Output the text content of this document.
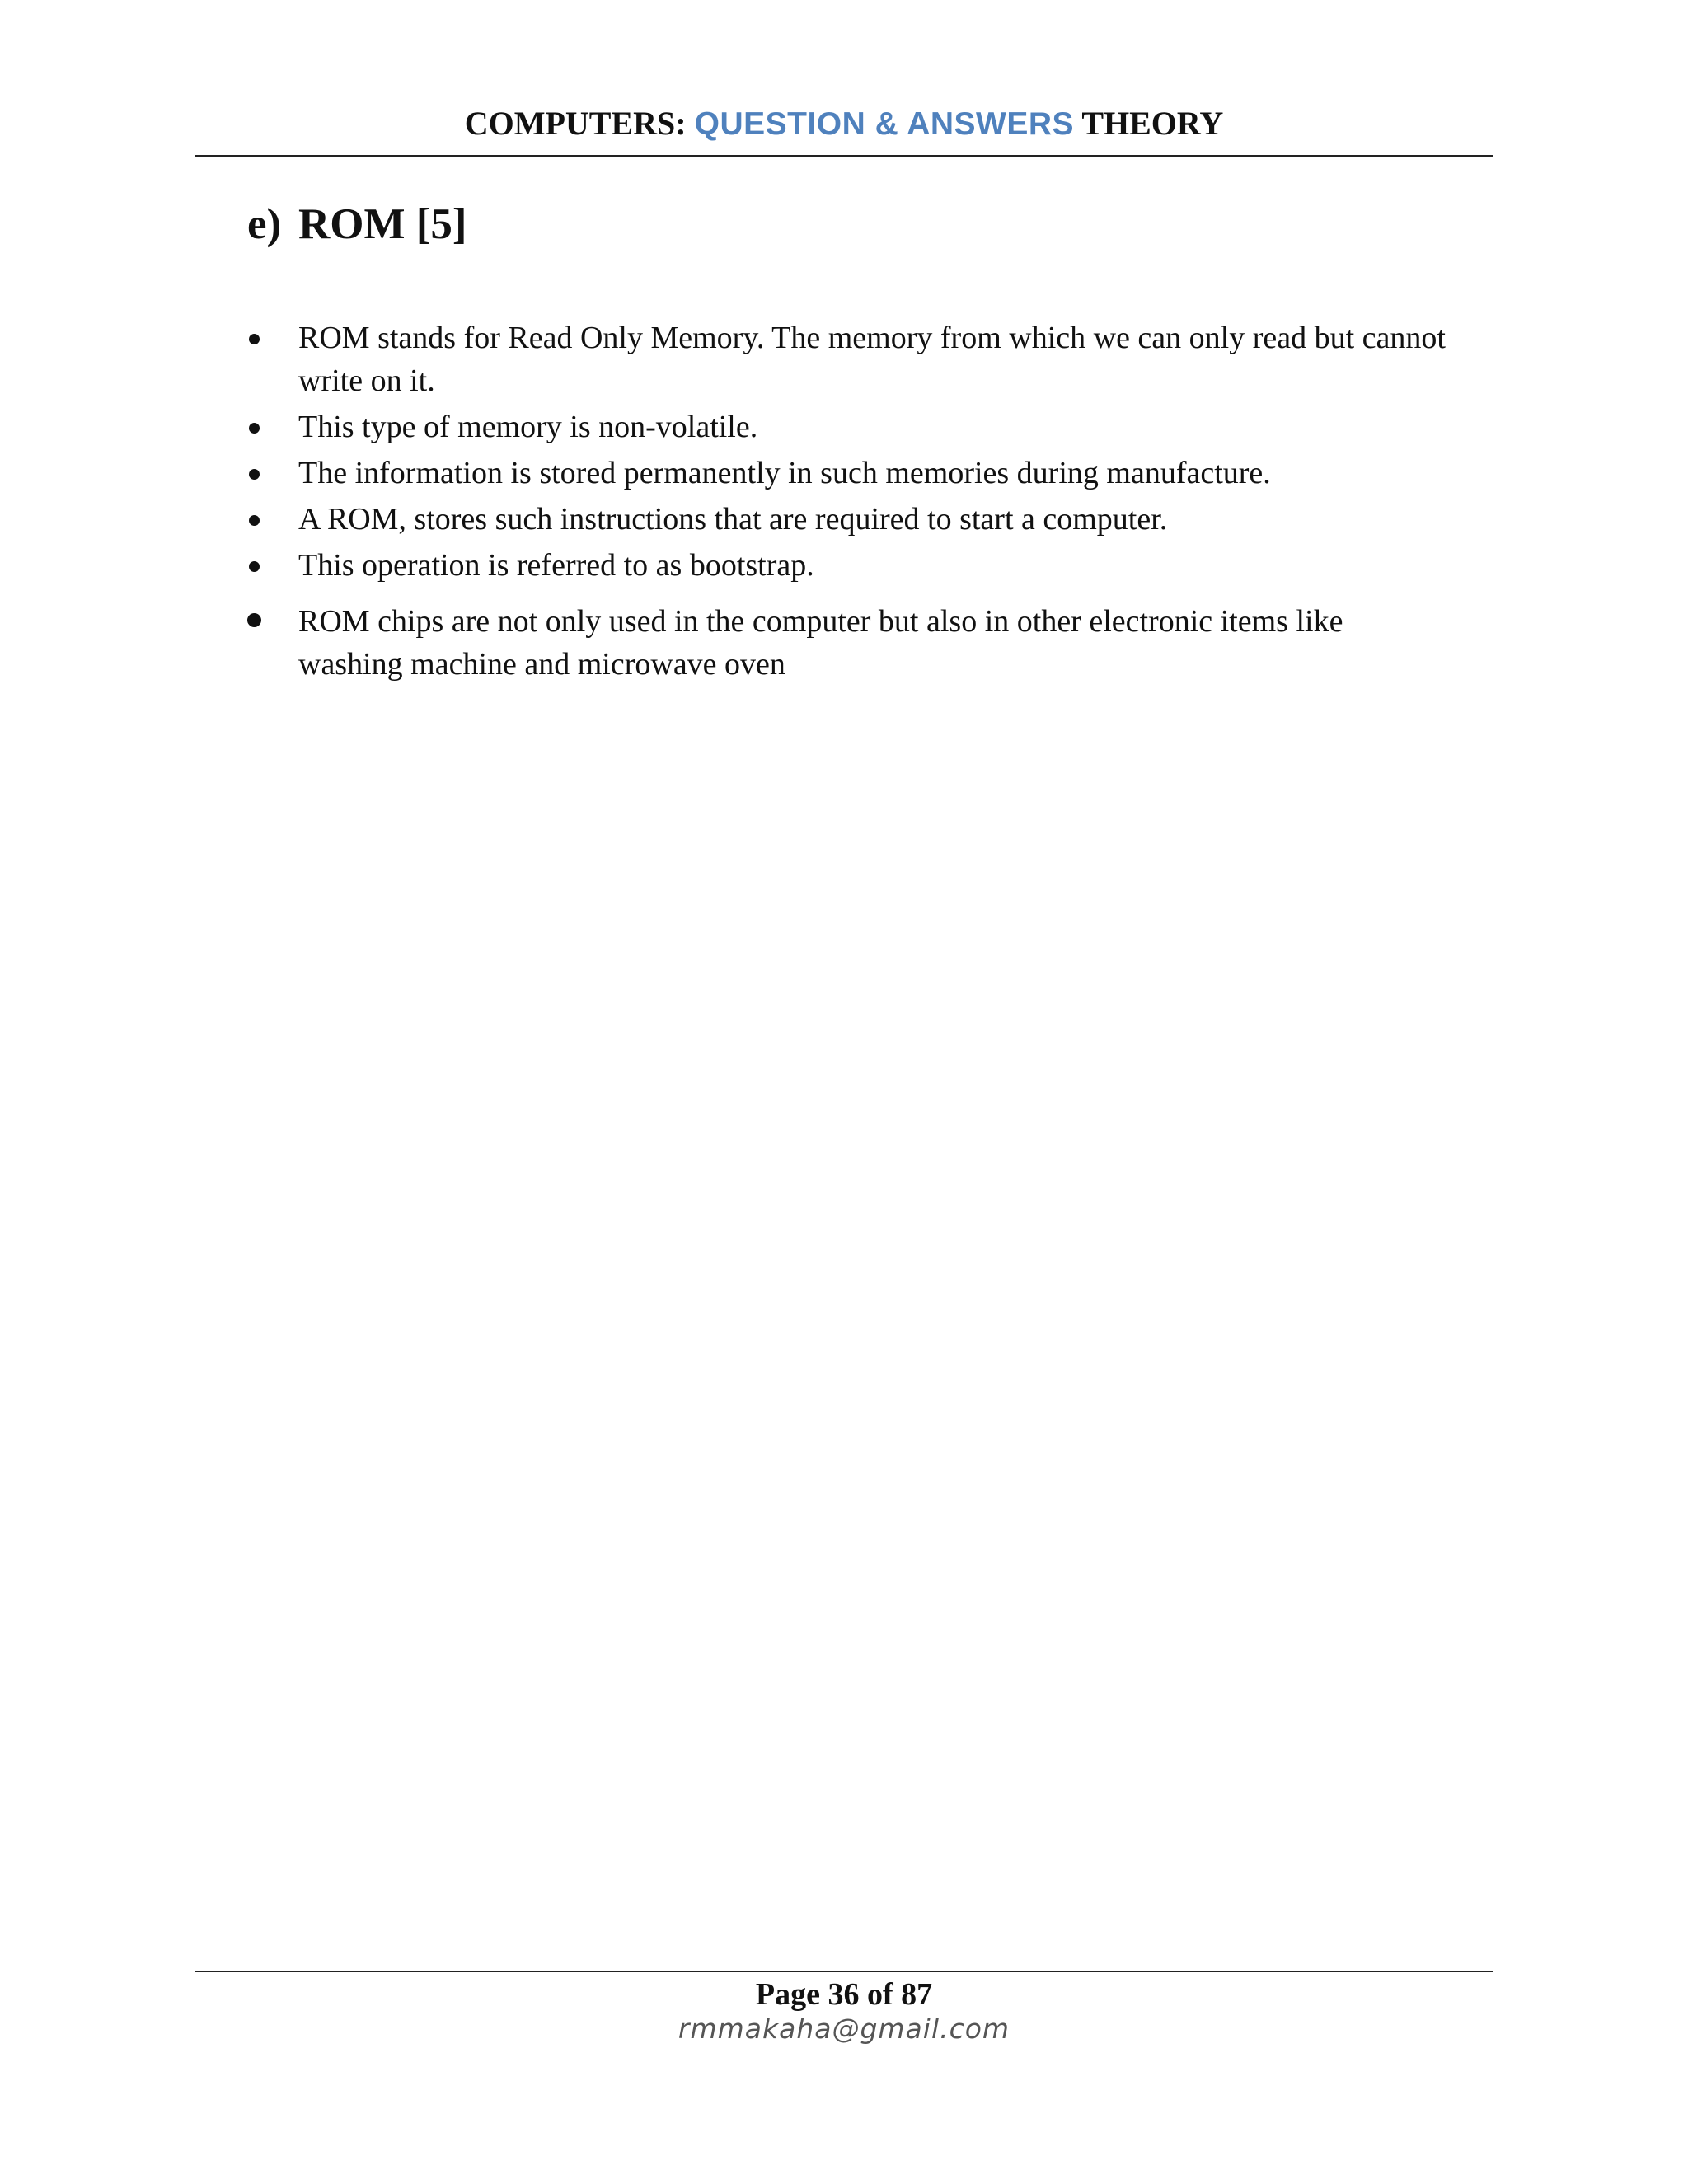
COMPUTERS: QUESTION & ANSWERS THEORY
e) ROM [5]
ROM stands for Read Only Memory. The memory from which we can only read but cannot write on it.
This type of memory is non-volatile.
The information is stored permanently in such memories during manufacture.
A ROM, stores such instructions that are required to start a computer.
This operation is referred to as bootstrap.
ROM chips are not only used in the computer but also in other electronic items like washing machine and microwave oven
Page 36 of 87
rmmakaha@gmail.com
